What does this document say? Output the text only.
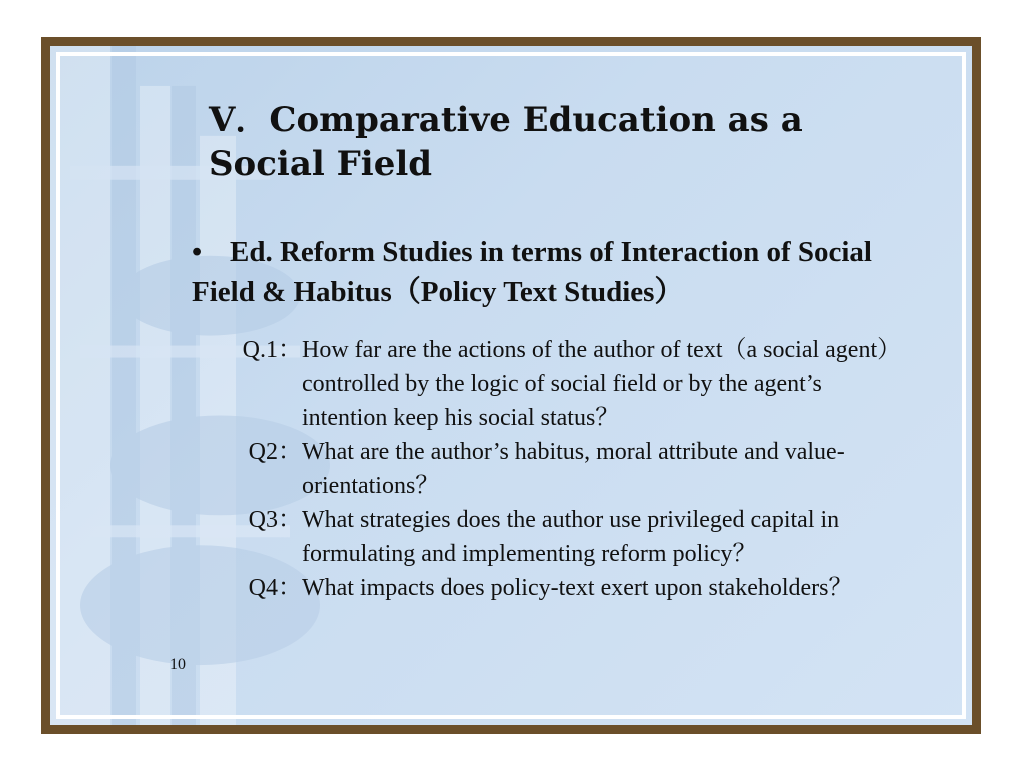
Ⅴ．Comparative Education as a
Social Field
• Ed. Reform Studies in terms of Interaction of Social Field & Habitus（Policy Text Studies）
Q.1： How far are the actions of the author of text（a social agent）controlled by the logic of social field or by the agent’s intention keep his social status？
Q2： What are the author’s habitus, moral attribute and value-orientations？
Q3： What strategies does the author use privileged capital in formulating and implementing reform policy？
Q4： What impacts does policy-text exert upon stakeholders？
10
